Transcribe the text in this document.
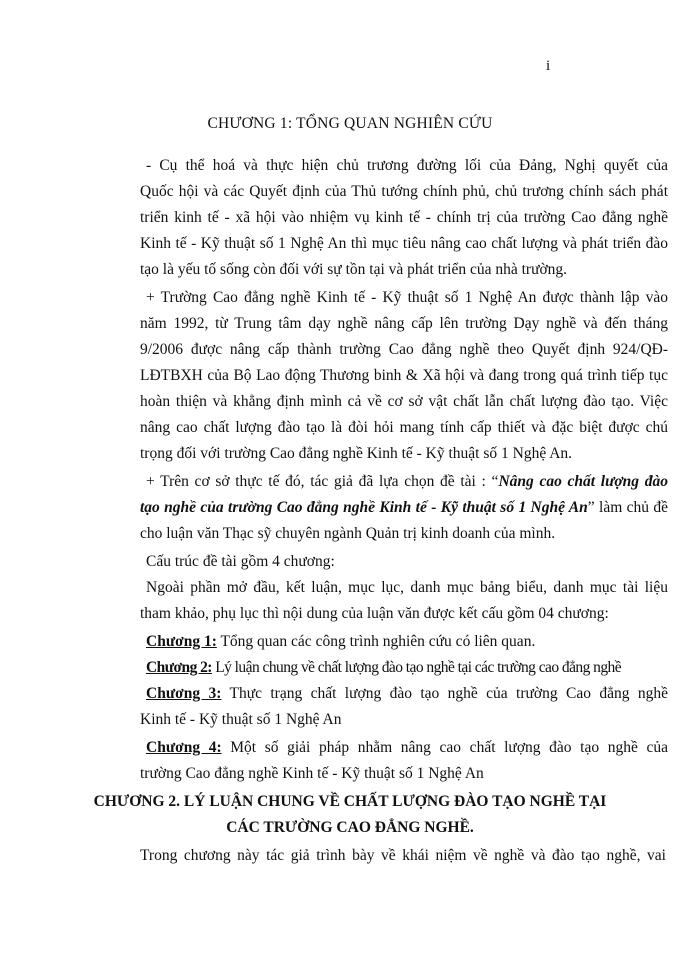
i
CHƯƠNG 1: TỔNG QUAN NGHIÊN CỨU
- Cụ thể hoá và thực hiện chủ trương đường lối của Đảng, Nghị quyết của
Quốc hội và các Quyết định của Thủ tướng chính phủ, chủ trương chính sách phát
triển kinh tế - xã hội vào nhiệm vụ kinh tế - chính trị của trường Cao đẳng nghề
Kinh tế - Kỹ thuật số 1 Nghệ An thì mục tiêu nâng cao chất lượng và phát triển đào
tạo là yếu tố sống còn đối với sự tồn tại và phát triển của nhà trường.
+ Trường Cao đẳng nghề Kinh tế - Kỹ thuật số 1 Nghệ An được thành lập vào
năm 1992, từ Trung tâm dạy nghề nâng cấp lên trường Dạy nghề và đến tháng
9/2006 được nâng cấp thành trường Cao đẳng nghề theo Quyết định 924/QĐ-
LĐTBXH của Bộ Lao động Thương binh & Xã hội và đang trong quá trình tiếp tục
hoàn thiện và khẳng định mình cả về cơ sở vật chất lẫn chất lượng đào tạo. Việc
nâng cao chất lượng đào tạo là đòi hỏi mang tính cấp thiết và đặc biệt được chú
trọng đối với trường Cao đẳng nghề Kinh tế - Kỹ thuật số 1 Nghệ An.
+ Trên cơ sở thực tế đó, tác giả đã lựa chọn đề tài : “Nâng cao chất lượng đào
tạo nghề của trường Cao đẳng nghề Kinh tế - Kỹ thuật số 1 Nghệ An” làm chủ đề
cho luận văn Thạc sỹ chuyên ngành Quản trị kinh doanh của mình.
Cấu trúc đề tài gồm 4 chương:
Ngoài phần mở đầu, kết luận, mục lục, danh mục bảng biểu, danh mục tài liệu
tham khảo, phụ lục thì nội dung của luận văn được kết cấu gồm 04 chương:
Chương 1: Tổng quan các công trình nghiên cứu có liên quan.
Chương 2: Lý luận chung về chất lượng đào tạo nghề tại các trường cao đẳng nghề
Chương 3: Thực trạng chất lượng đào tạo nghề của trường Cao đẳng nghề
Kinh tế - Kỹ thuật số 1 Nghệ An
Chương 4: Một số giải pháp nhằm nâng cao chất lượng đào tạo nghề của
trường Cao đẳng nghề Kinh tế - Kỹ thuật số 1 Nghệ An
CHƯƠNG 2. LÝ LUẬN CHUNG VỀ CHẤT LƯỢNG ĐÀO TẠO NGHỀ TẠI
CÁC TRƯỜNG CAO ĐẲNG NGHỀ.
Trong chương này tác giả trình bày về khái niệm về nghề và đào tạo nghề, vai
